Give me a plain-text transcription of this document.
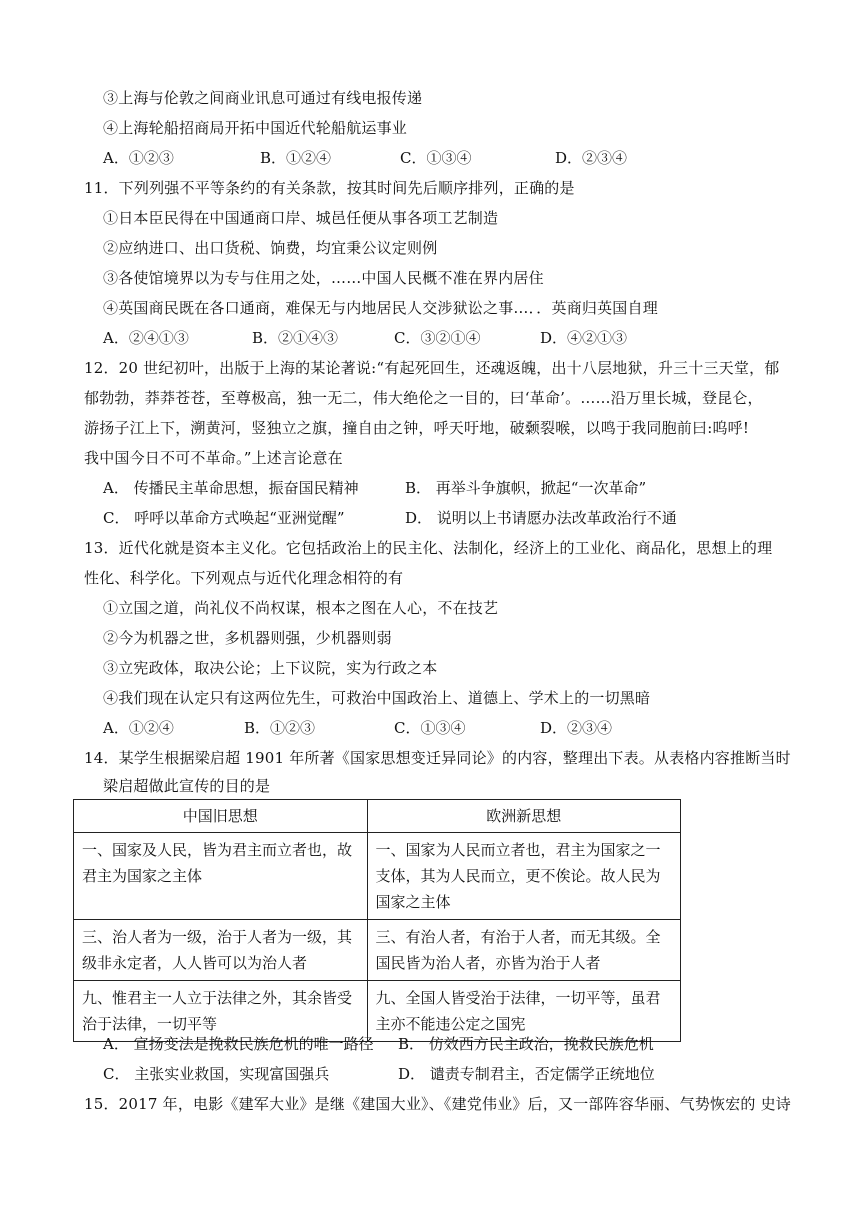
③上海与伦敦之间商业讯息可通过有线电报传递
④上海轮船招商局开拓中国近代轮船航运事业
A．①②③	B．①②④	C．①③④	D．②③④
11．下列列强不平等条约的有关条款，按其时间先后顺序排列，正确的是
①日本臣民得在中国通商口岸、城邑任便从事各项工艺制造
②应纳进口、出口货税、饷费，均宜秉公议定则例
③各使馆境界以为专与住用之处，……中国人民概不准在界内居住
④英国商民既在各口通商，难保无与内地居民人交涉狱讼之事…．．英商归英国自理
A．②④①③	B．②①④③	C．③②①④	D．④②①③
12．20 世纪初叶，出版于上海的某论著说:“有起死回生，还魂返魄，出十八层地狱，升三十三天堂，郁
郁勃勃，莽莽苍苍，至尊极高，独一无二，伟大绝伦之一目的，曰‘革命’。……沿万里长城，登昆仑，
游扬子江上下，溯黄河，竖独立之旗，撞自由之钟，呼天吁地，破颡裂喉，以鸣于我同胞前曰:呜呼!
我中国今日不可不革命。”上述言论意在
A． 传播民主革命思想，振奋国民精神	B． 再举斗争旗帜，掀起“一次革命”
C． 呼呼以革命方式唤起“亚洲觉醒”	D． 说明以上书请愿办法改革政治行不通
13．近代化就是资本主义化。它包括政治上的民主化、法制化，经济上的工业化、商品化，思想上的理
性化、科学化。下列观点与近代化理念相符的有
①立国之道，尚礼仪不尚权谋，根本之图在人心，不在技艺
②今为机器之世，多机器则强，少机器则弱
③立宪政体，取决公论；上下议院，实为行政之本
④我们现在认定只有这两位先生，可救治中国政治上、道德上、学术上的一切黑暗
A．①②④	B．①②③	C．①③④	D．②③④
14．某学生根据梁启超 1901 年所著《国家思想变迁异同论》的内容，整理出下表。从表格内容推断当时
梁启超做此宣传的目的是
中国旧思想	欧洲新思想
一、国家及人民，皆为君主而立者也，故君主为国家之主体	一、国家为人民而立者也，君主为国家之一支体，其为人民而立，更不俟论。故人民为国家之主体
三、治人者为一级，治于人者为一级，其级非永定者，人人皆可以为治人者	三、有治人者，有治于人者，而无其级。全国民皆为治人者，亦皆为治于人者
九、惟君主一人立于法律之外，其余皆受治于法律，一切平等	九、全国人皆受治于法律，一切平等，虽君主亦不能违公定之国宪
A． 宣扬变法是挽救民族危机的唯一路径 B． 仿效西方民主政治，挽救民族危机
C． 主张实业救国，实现富国强兵	D． 谴责专制君主，否定儒学正统地位
15．2017 年，电影《建军大业》是继《建国大业》、《建党伟业》后，又一部阵容华丽、气势恢宏的 史诗
